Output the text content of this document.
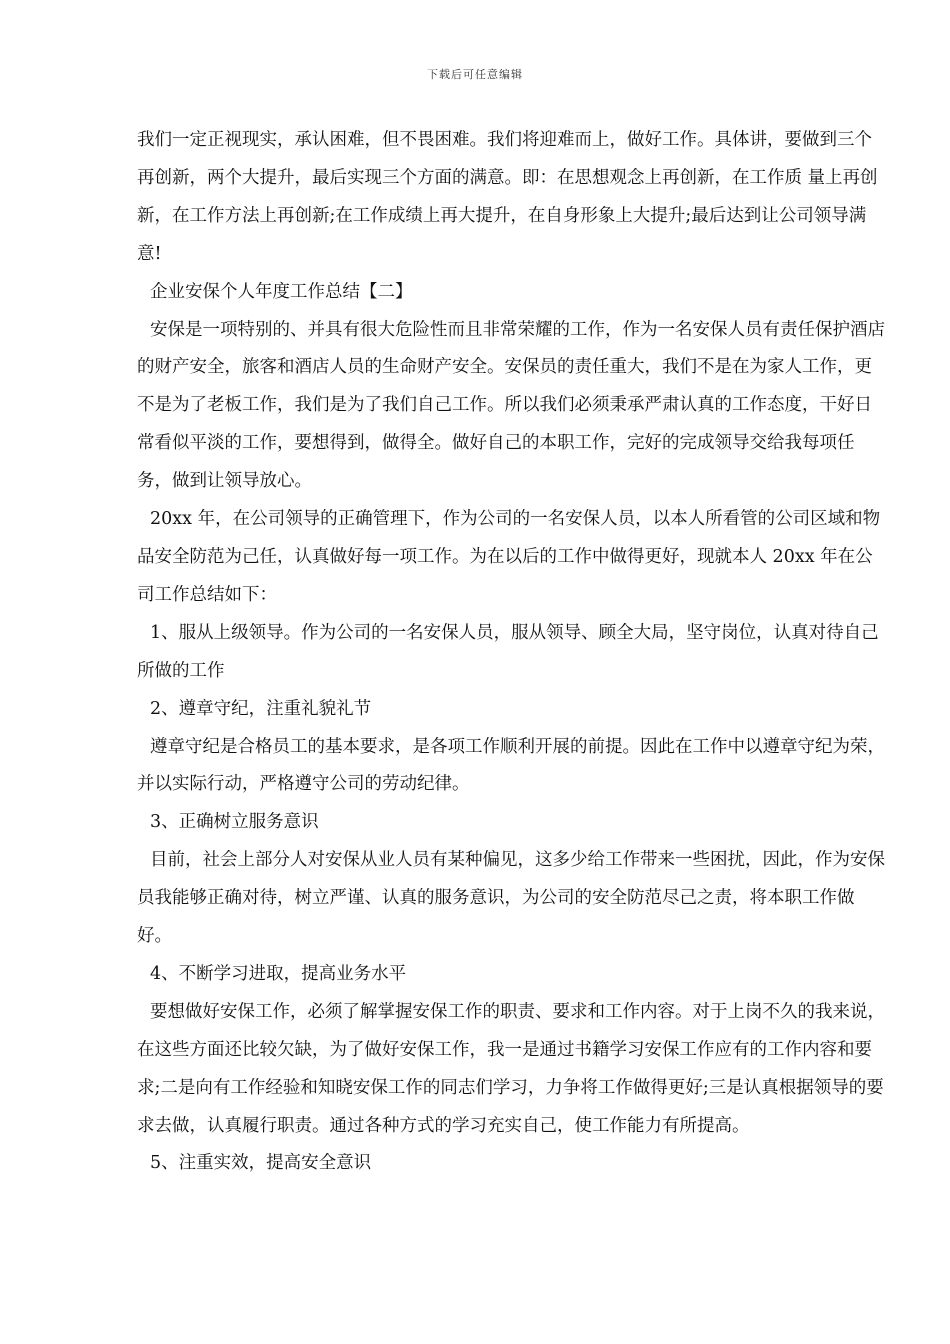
下载后可任意编辑

我们一定正视现实，承认困难，但不畏困难。我们将迎难而上，做好工作。具体讲，要做到三个再创新，两个大提升，最后实现三个方面的满意。即：在思想观念上再创新，在工作质 量上再创新，在工作方法上再创新;在工作成绩上再大提升，在自身形象上大提升;最后达到让公司领导满意!

企业安保个人年度工作总结【二】

安保是一项特别的、并具有很大危险性而且非常荣耀的工作，作为一名安保人员有责任保护酒店的财产安全，旅客和酒店人员的生命财产安全。安保员的责任重大，我们不是在为家人工作，更不是为了老板工作，我们是为了我们自己工作。所以我们必须秉承严肃认真的工作态度，干好日常看似平淡的工作，要想得到，做得全。做好自己的本职工作，完好的完成领导交给我每项任务，做到让领导放心。

20xx 年，在公司领导的正确管理下，作为公司的一名安保人员，以本人所看管的公司区域和物品安全防范为己任，认真做好每一项工作。为在以后的工作中做得更好，现就本人 20xx 年在公司工作总结如下：

1、服从上级领导。作为公司的一名安保人员，服从领导、顾全大局，坚守岗位，认真对待自己所做的工作

2、遵章守纪，注重礼貌礼节

遵章守纪是合格员工的基本要求，是各项工作顺利开展的前提。因此在工作中以遵章守纪为荣，并以实际行动，严格遵守公司的劳动纪律。

3、正确树立服务意识

目前，社会上部分人对安保从业人员有某种偏见，这多少给工作带来一些困扰，因此，作为安保员我能够正确对待，树立严谨、认真的服务意识，为公司的安全防范尽己之责，将本职工作做好。

4、不断学习进取，提高业务水平

要想做好安保工作，必须了解掌握安保工作的职责、要求和工作内容。对于上岗不久的我来说，在这些方面还比较欠缺，为了做好安保工作，我一是通过书籍学习安保工作应有的工作内容和要求;二是向有工作经验和知晓安保工作的同志们学习，力争将工作做得更好;三是认真根据领导的要求去做，认真履行职责。通过各种方式的学习充实自己，使工作能力有所提高。

5、注重实效，提高安全意识
